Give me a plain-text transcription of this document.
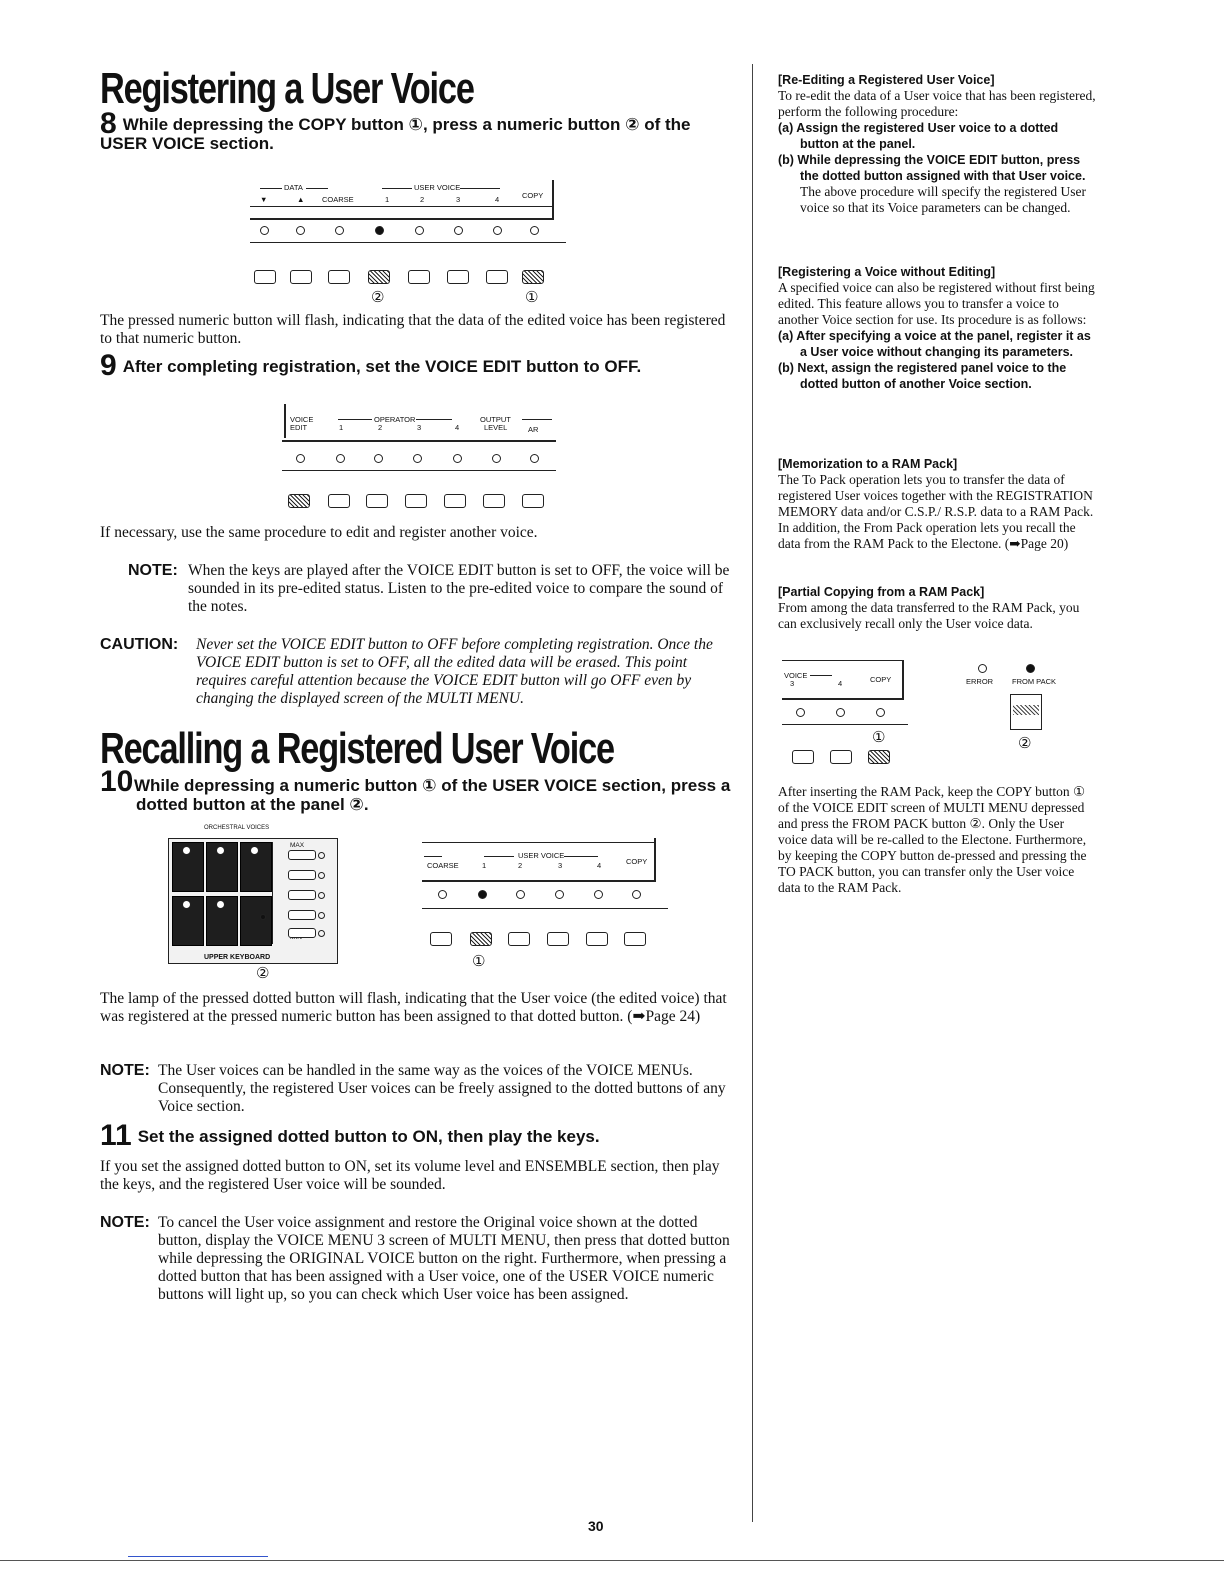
Registering a User Voice
8 While depressing the COPY button ①, press a numeric button ② of the USER VOICE section.
DATA
▼	▲ COARSE
USER VOICE
1	2	3	4	COPY
②	①
The pressed numeric button will flash, indicating that the data of the edited voice has been registered to that numeric button.
9 After completing registration, set the VOICE EDIT button to OFF.
VOICE
EDIT
OPERATOR
1	2	3	4
OUTPUT
LEVEL	AR
If necessary, use the same procedure to edit and register another voice.
NOTE: When the keys are played after the VOICE EDIT button is set to OFF, the voice will be sounded in its pre-edited status. Listen to the pre-edited voice to compare the sound of the notes.
CAUTION: Never set the VOICE EDIT button to OFF before completing registration. Once the VOICE EDIT button is set to OFF, all the edited data will be erased. This point requires careful attention because the VOICE EDIT button will go OFF even by changing the displayed screen of the MULTI MENU.
Recalling a Registered User Voice
10 While depressing a numeric button ① of the USER VOICE section, press a dotted button at the panel ②.
ORCHESTRAL VOICES
MAX
UPPER KEYBOARD
②
COARSE
USER VOICE
1	2	3	4	COPY
①
The lamp of the pressed dotted button will flash, indicating that the User voice (the edited voice) that was registered at the pressed numeric button has been assigned to that dotted button. (➡Page 24)
NOTE: The User voices can be handled in the same way as the voices of the VOICE MENUs. Consequently, the registered User voices can be freely assigned to the dotted buttons of any Voice section.
11 Set the assigned dotted button to ON, then play the keys.
If you set the assigned dotted button to ON, set its volume level and ENSEMBLE section, then play the keys, and the registered User voice will be sounded.
NOTE: To cancel the User voice assignment and restore the Original voice shown at the dotted button, display the VOICE MENU 3 screen of MULTI MENU, then press that dotted button while depressing the ORIGINAL VOICE button on the right. Furthermore, when pressing a dotted button that has been assigned with a User voice, one of the USER VOICE numeric buttons will light up, so you can check which User voice has been assigned.
[Re-Editing a Registered User Voice]
To re-edit the data of a User voice that has been registered, perform the following procedure:
(a) Assign the registered User voice to a dotted button at the panel.
(b) While depressing the VOICE EDIT button, press the dotted button assigned with that User voice.
The above procedure will specify the registered User voice so that its Voice parameters can be changed.
[Registering a Voice without Editing]
A specified voice can also be registered without first being edited. This feature allows you to transfer a voice to another Voice section for use. Its procedure is as follows:
(a) After specifying a voice at the panel, register it as a User voice without changing its parameters.
(b) Next, assign the registered panel voice to the dotted button of another Voice section.
[Memorization to a RAM Pack]
The To Pack operation lets you to transfer the data of registered User voices together with the REGISTRATION MEMORY data and/or C.S.P./ R.S.P. data to a RAM Pack. In addition, the From Pack operation lets you recall the data from the RAM Pack to the Electone. (➡Page 20)
[Partial Copying from a RAM Pack]
From among the data transferred to the RAM Pack, you can exclusively recall only the User voice data.
VOICE
3	4	COPY
①
ERROR	FROM PACK
②
After inserting the RAM Pack, keep the COPY button ① of the VOICE EDIT screen of MULTI MENU depressed and press the FROM PACK button ②. Only the User voice data will be re-called to the Electone. Furthermore, by keeping the COPY button de-pressed and pressing the TO PACK button, you can transfer only the User voice data to the RAM Pack.
30
